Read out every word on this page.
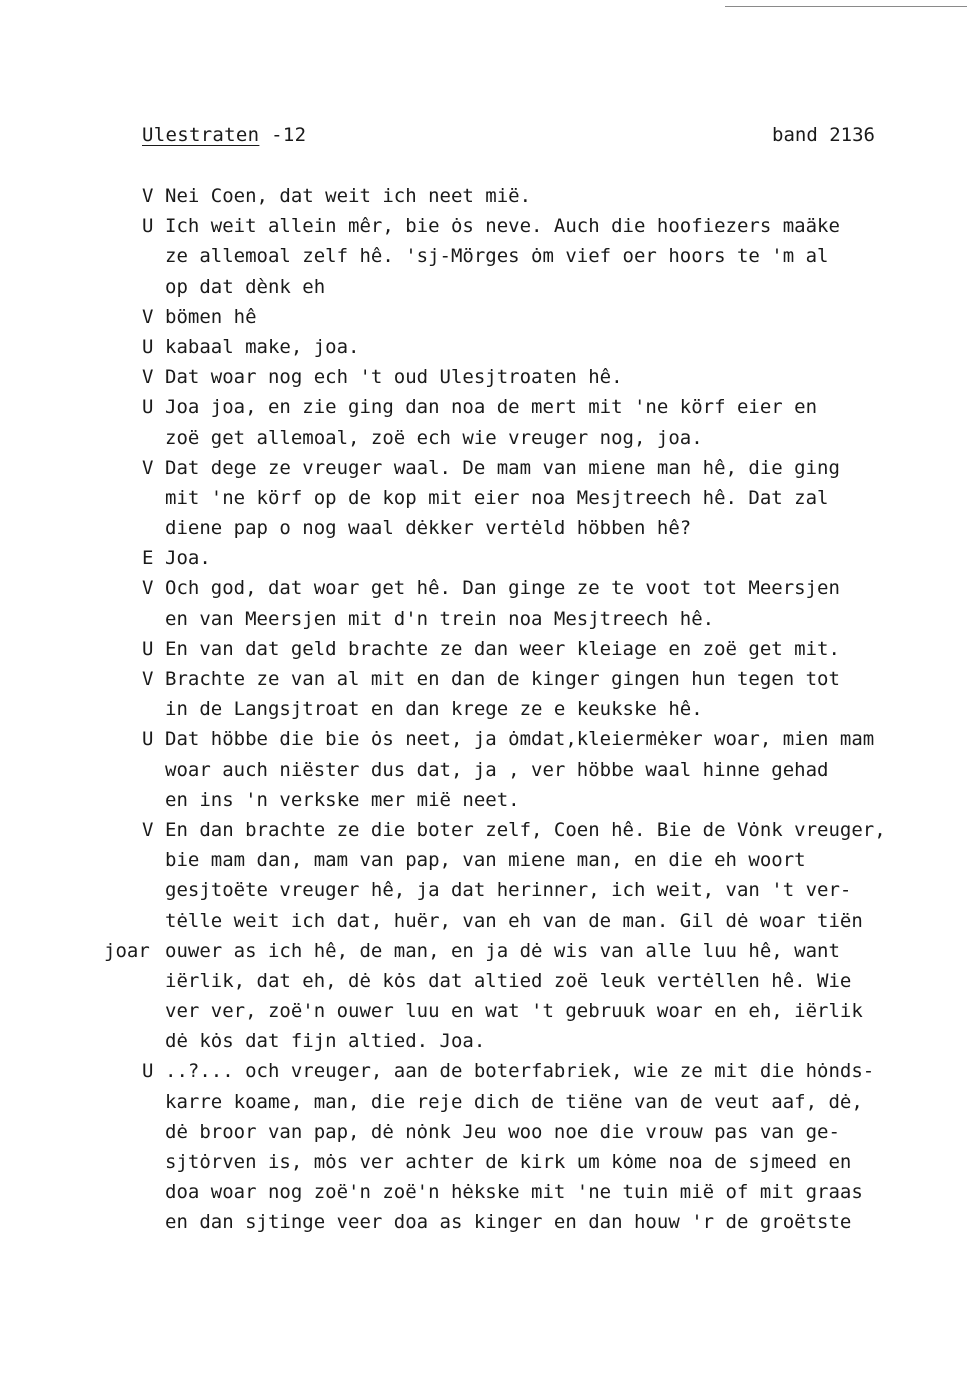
Ulestraten -12	band 2136
V Nei Coen, dat weit ich neet mië.
U Ich weit allein mêr, bie ȯs neve. Auch die hoofiezers maäke
ze allemoal zelf hê. 'sj-Mörges ȯm vief oer hoors te 'm al
op dat dènk eh
V bömen hê
U kabaal make, joa.
V Dat woar nog ech 't oud Ulesjtroaten hê.
U Joa joa, en zie ging dan noa de mert mit 'ne körf eier en
zoë get allemoal, zoë ech wie vreuger nog, joa.
V Dat dege ze vreuger waal. De mam van miene man hê, die ging
mit 'ne körf op de kop mit eier noa Mesjtreech hê. Dat zal
diene pap o nog waal dėkker vertėld höbben hê?
E Joa.
V Och god, dat woar get hê. Dan ginge ze te voot tot Meersjen
en van Meersjen mit d'n trein noa Mesjtreech hê.
U En van dat geld brachte ze dan weer kleiage en zoë get mit.
V Brachte ze van al mit en dan de kinger gingen hun tegen tot
in de Langsjtroat en dan krege ze e keukske hê.
U Dat höbbe die bie ȯs neet, ja ȯmdat,kleiermėker woar, mien mam
woar auch niëster dus dat, ja , ver höbbe waal hinne gehad
en ins 'n verkske mer mië neet.
V En dan brachte ze die boter zelf, Coen hê. Bie de Vȯnk vreuger,
bie mam dan, mam van pap, van miene man, en die eh woort
gesjtoëte vreuger hê, ja dat herinner, ich weit, van 't ver-
tėlle weit ich dat, huër, van eh van de man. Gil dė woar tiën
joar ouwer as ich hê, de man, en ja dė wis van alle luu hê, want
iërlik, dat eh, dė kȯs dat altied zoë leuk vertėllen hê. Wie
ver ver, zoë'n ouwer luu en wat 't gebruuk woar en eh, iërlik
dė kȯs dat fijn altied. Joa.
U ..?... och vreuger, aan de boterfabriek, wie ze mit die hȯnds-
karre koame, man, die reje dich de tiëne van de veut aaf, dė,
dė broor van pap, dė nȯnk Jeu woo noe die vrouw pas van ge-
sjtȯrven is, mȯs ver achter de kirk um kȯme noa de sjmeed en
doa woar nog zoë'n zoë'n hėkske mit 'ne tuin mië of mit graas
en dan sjtinge veer doa as kinger en dan houw 'r de groëtste
